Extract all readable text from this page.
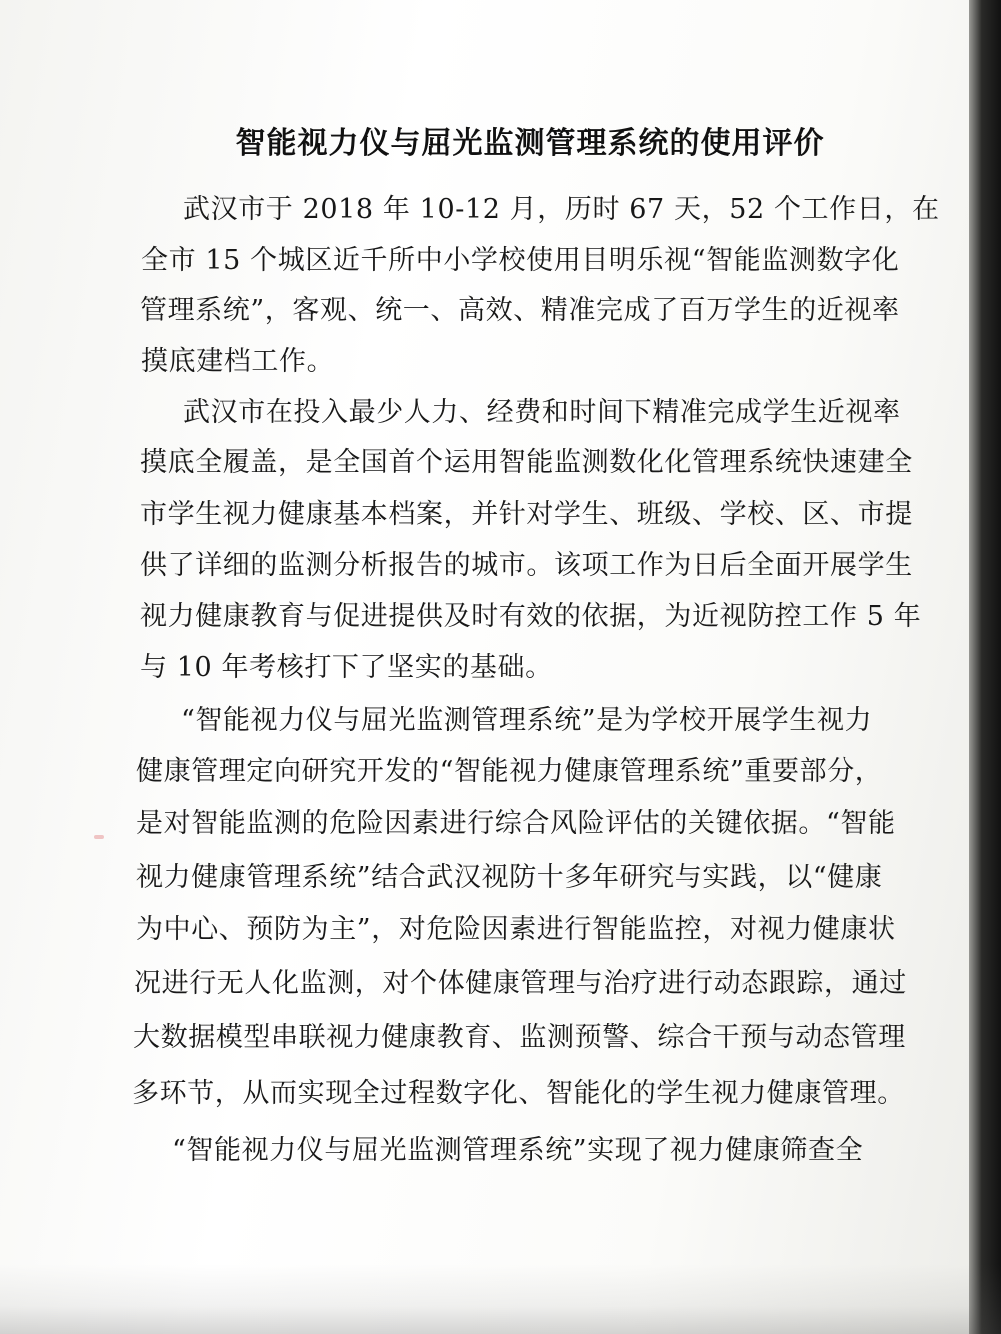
智能视力仪与屈光监测管理系统的使用评价

武汉市于 2018 年 10-12 月，历时 67 天，52 个工作日，在

全市 15 个城区近千所中小学校使用目明乐视“智能监测数字化

管理系统”，客观、统一、高效、精准完成了百万学生的近视率

摸底建档工作。

武汉市在投入最少人力、经费和时间下精准完成学生近视率

摸底全履盖，是全国首个运用智能监测数化化管理系统快速建全

市学生视力健康基本档案，并针对学生、班级、学校、区、市提

供了详细的监测分析报告的城市。该项工作为日后全面开展学生

视力健康教育与促进提供及时有效的依据，为近视防控工作 5 年

与 10 年考核打下了坚实的基础。

“智能视力仪与屈光监测管理系统”是为学校开展学生视力

健康管理定向研究开发的“智能视力健康管理系统”重要部分，

是对智能监测的危险因素进行综合风险评估的关键依据。“智能

视力健康管理系统”结合武汉视防十多年研究与实践，以“健康

为中心、预防为主”，对危险因素进行智能监控，对视力健康状

况进行无人化监测，对个体健康管理与治疗进行动态跟踪，通过

大数据模型串联视力健康教育、监测预警、综合干预与动态管理

多环节，从而实现全过程数字化、智能化的学生视力健康管理。

“智能视力仪与屈光监测管理系统”实现了视力健康筛查全
